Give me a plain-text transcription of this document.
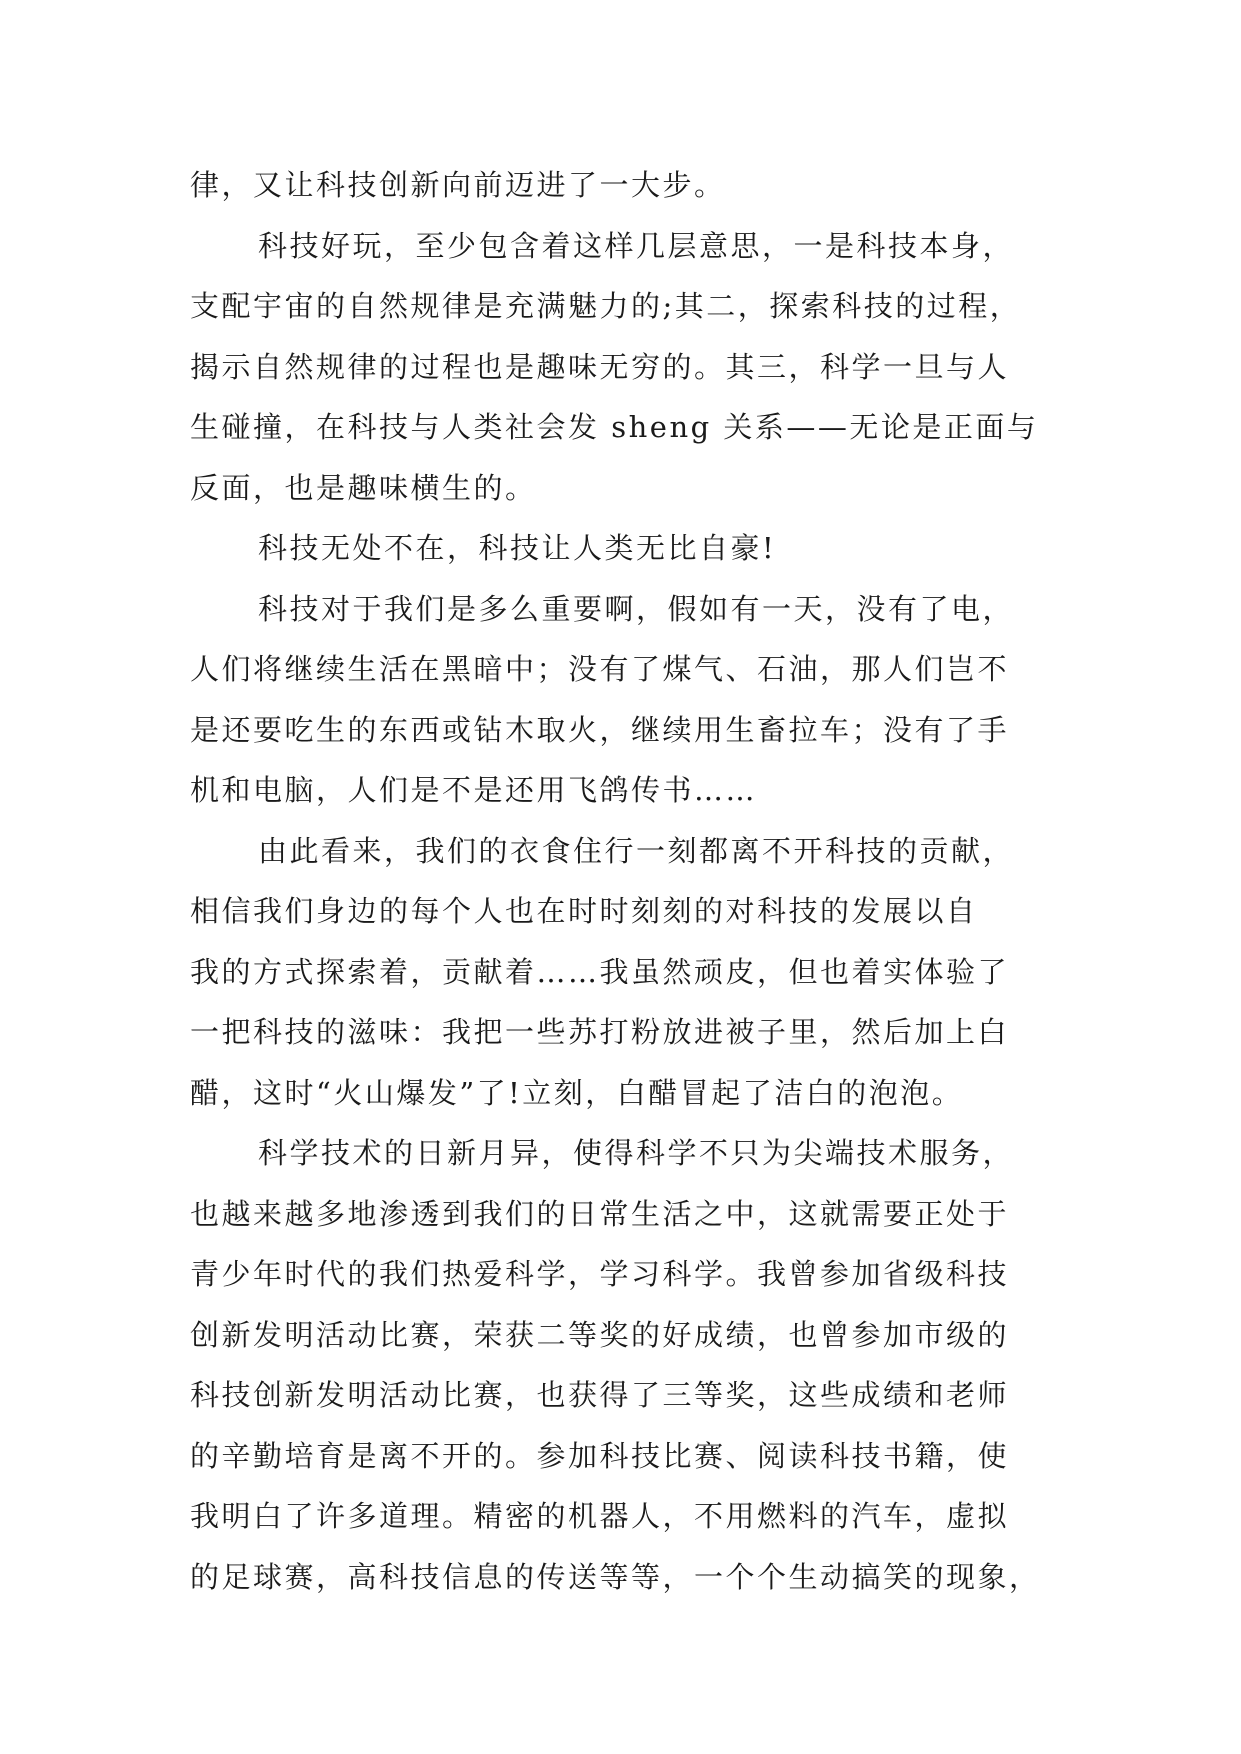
律，又让科技创新向前迈进了一大步。
科技好玩，至少包含着这样几层意思，一是科技本身，
支配宇宙的自然规律是充满魅力的;其二，探索科技的过程，
揭示自然规律的过程也是趣味无穷的。其三，科学一旦与人
生碰撞，在科技与人类社会发 sheng 关系——无论是正面与
反面，也是趣味横生的。
科技无处不在，科技让人类无比自豪!
科技对于我们是多么重要啊，假如有一天，没有了电，
人们将继续生活在黑暗中；没有了煤气、石油，那人们岂不
是还要吃生的东西或钻木取火，继续用生畜拉车；没有了手
机和电脑，人们是不是还用飞鸽传书……
由此看来，我们的衣食住行一刻都离不开科技的贡献，
相信我们身边的每个人也在时时刻刻的对科技的发展以自
我的方式探索着，贡献着……我虽然顽皮，但也着实体验了
一把科技的滋味：我把一些苏打粉放进被子里，然后加上白
醋，这时“火山爆发”了!立刻，白醋冒起了洁白的泡泡。
科学技术的日新月异，使得科学不只为尖端技术服务，
也越来越多地渗透到我们的日常生活之中，这就需要正处于
青少年时代的我们热爱科学，学习科学。我曾参加省级科技
创新发明活动比赛，荣获二等奖的好成绩，也曾参加市级的
科技创新发明活动比赛，也获得了三等奖，这些成绩和老师
的辛勤培育是离不开的。参加科技比赛、阅读科技书籍，使
我明白了许多道理。精密的机器人，不用燃料的汽车，虚拟
的足球赛，高科技信息的传送等等，一个个生动搞笑的现象，
